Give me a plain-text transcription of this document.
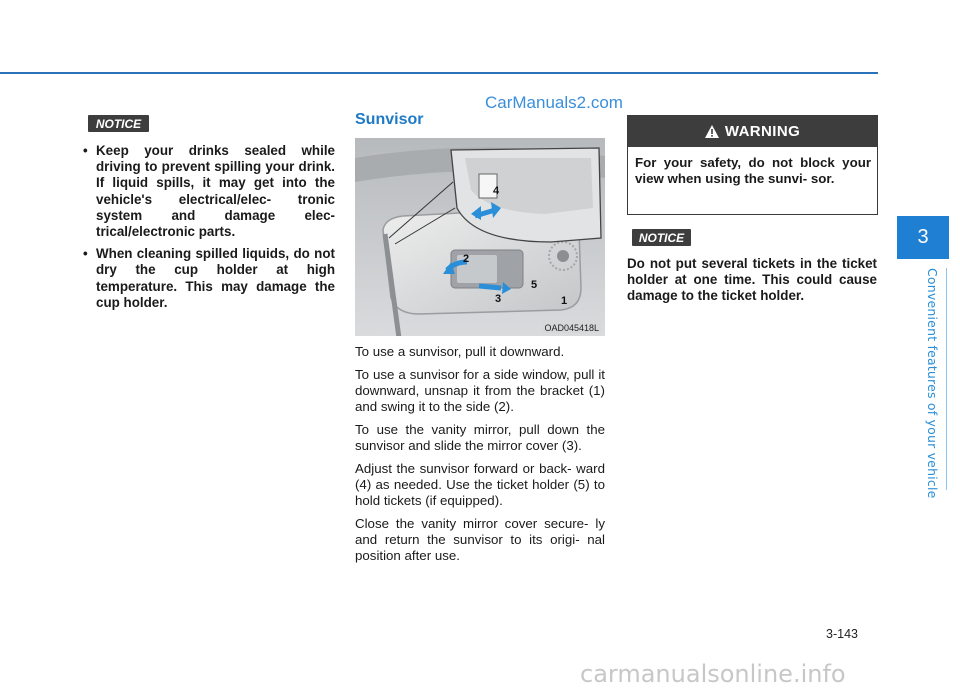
CarManuals2.com
3
Convenient features of your vehicle
NOTICE
• Keep your drinks sealed while driving to prevent spilling your drink. If liquid spills, it may get into the vehicle's electrical/elec- tronic system and damage elec- trical/electronic parts.
• When cleaning spilled liquids, do not dry the cup holder at high temperature. This may damage the cup holder.
Sunvisor
4
2
3
5
1
OAD045418L

To use a sunvisor, pull it downward.

To use a sunvisor for a side window, pull it downward, unsnap it from the bracket (1) and swing it to the side (2).

To use the vanity mirror, pull down the sunvisor and slide the mirror cover (3).

Adjust the sunvisor forward or back- ward (4) as needed. Use the ticket holder (5) to hold tickets (if equipped).

Close the vanity mirror cover secure- ly and return the sunvisor to its origi- nal position after use.

WARNING
For your safety, do not block your view when using the sunvi- sor.
NOTICE

Do not put several tickets in the ticket holder at one time. This could cause damage to the ticket holder.

3-143
carmanualsonline.info
